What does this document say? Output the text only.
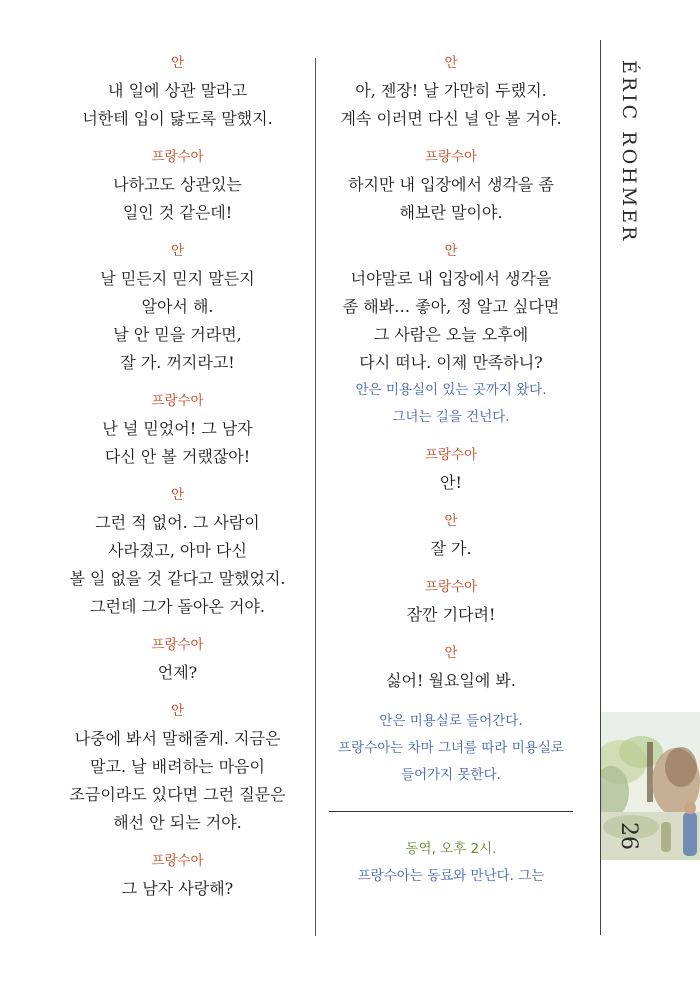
안
내 일에 상관 말라고
너한테 입이 닳도록 말했지.
프랑수아
나하고도 상관있는
일인 것 같은데!
안
날 믿든지 믿지 말든지
알아서 해.
날 안 믿을 거라면,
잘 가. 꺼지라고!
프랑수아
난 널 믿었어! 그 남자
다신 안 볼 거랬잖아!
안
그런 적 없어. 그 사람이
사라졌고, 아마 다신
볼 일 없을 것 같다고 말했었지.
그런데 그가 돌아온 거야.
프랑수아
언제?
안
나중에 봐서 말해줄게. 지금은
말고. 날 배려하는 마음이
조금이라도 있다면 그런 질문은
해선 안 되는 거야.
프랑수아
그 남자 사랑해?
안
아, 젠장! 날 가만히 두랬지.
계속 이러면 다신 널 안 볼 거야.
프랑수아
하지만 내 입장에서 생각을 좀
해보란 말이야.
안
너야말로 내 입장에서 생각을
좀 해봐… 좋아, 정 알고 싶다면
그 사람은 오늘 오후에
다시 떠나. 이제 만족하니?
안은 미용실이 있는 곳까지 왔다.
그녀는 길을 건넌다.
프랑수아
안!
안
잘 가.
프랑수아
잠깐 기다려!
안
싫어! 월요일에 봐.
안은 미용실로 들어간다.
프랑수아는 차마 그녀를 따라 미용실로
들어가지 못한다.
동역, 오후 2시.
프랑수아는 동료와 만난다. 그는
ÉRIC ROHMER
26
